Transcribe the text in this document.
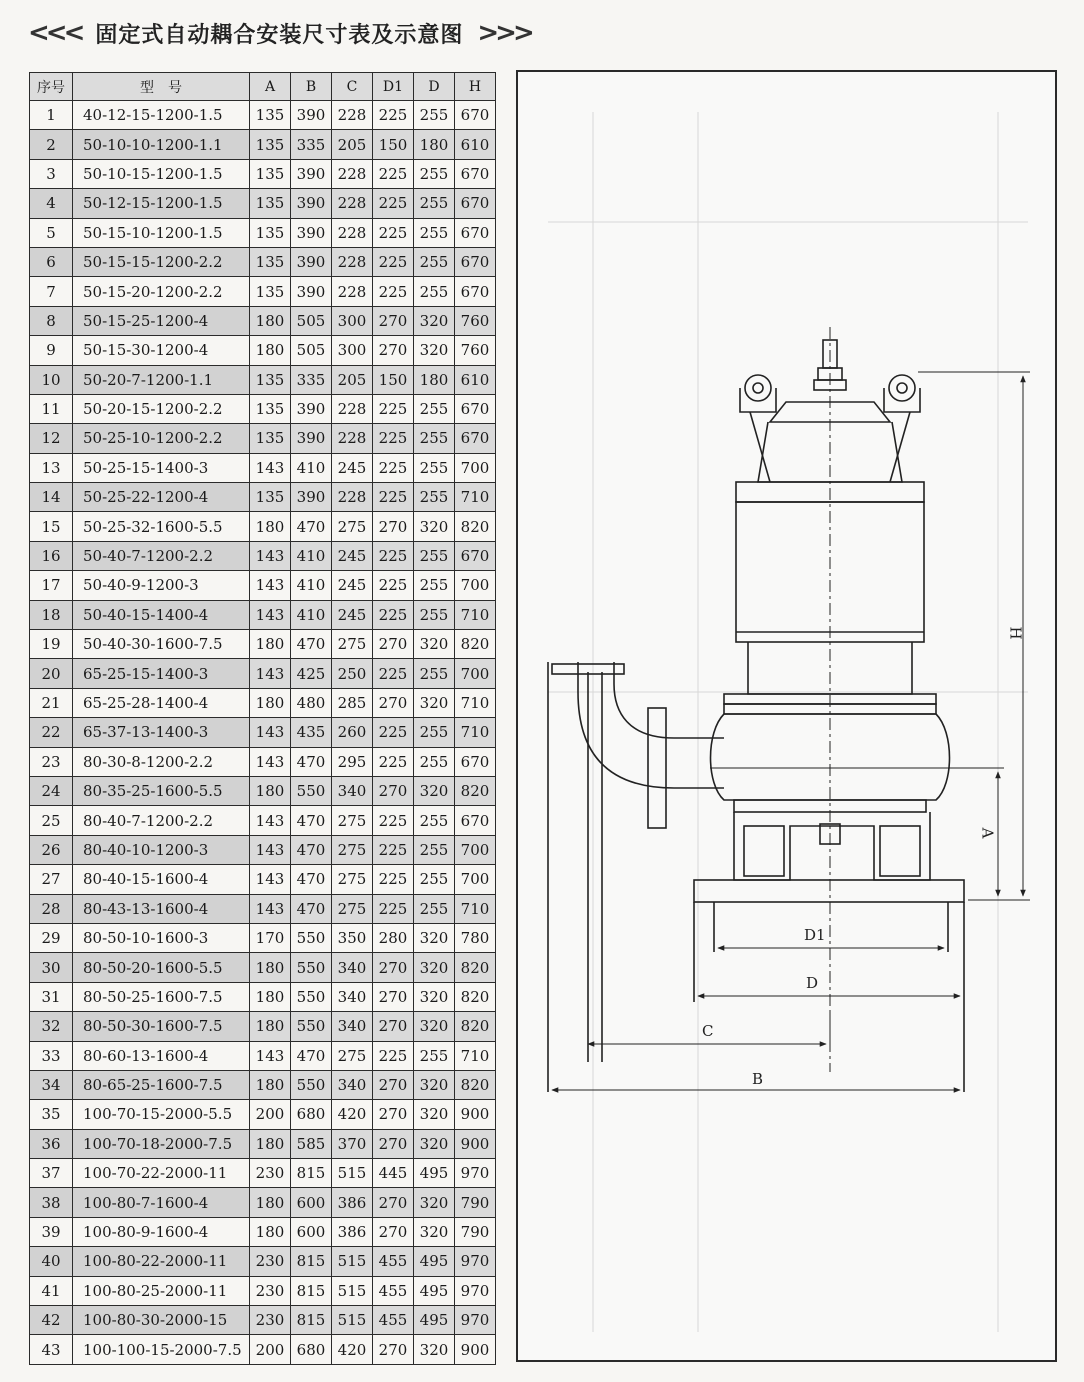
<<< 固定式自动耦合安装尺寸表及示意图 >>>
序号	型　号	A	B	C	D1	D	H
1	40-12-15-1200-1.5	135	390	228	225	255	670
2	50-10-10-1200-1.1	135	335	205	150	180	610
3	50-10-15-1200-1.5	135	390	228	225	255	670
4	50-12-15-1200-1.5	135	390	228	225	255	670
5	50-15-10-1200-1.5	135	390	228	225	255	670
6	50-15-15-1200-2.2	135	390	228	225	255	670
7	50-15-20-1200-2.2	135	390	228	225	255	670
8	50-15-25-1200-4	180	505	300	270	320	760
9	50-15-30-1200-4	180	505	300	270	320	760
10	50-20-7-1200-1.1	135	335	205	150	180	610
11	50-20-15-1200-2.2	135	390	228	225	255	670
12	50-25-10-1200-2.2	135	390	228	225	255	670
13	50-25-15-1400-3	143	410	245	225	255	700
14	50-25-22-1200-4	135	390	228	225	255	710
15	50-25-32-1600-5.5	180	470	275	270	320	820
16	50-40-7-1200-2.2	143	410	245	225	255	670
17	50-40-9-1200-3	143	410	245	225	255	700
18	50-40-15-1400-4	143	410	245	225	255	710
19	50-40-30-1600-7.5	180	470	275	270	320	820
20	65-25-15-1400-3	143	425	250	225	255	700
21	65-25-28-1400-4	180	480	285	270	320	710
22	65-37-13-1400-3	143	435	260	225	255	710
23	80-30-8-1200-2.2	143	470	295	225	255	670
24	80-35-25-1600-5.5	180	550	340	270	320	820
25	80-40-7-1200-2.2	143	470	275	225	255	670
26	80-40-10-1200-3	143	470	275	225	255	700
27	80-40-15-1600-4	143	470	275	225	255	700
28	80-43-13-1600-4	143	470	275	225	255	710
29	80-50-10-1600-3	170	550	350	280	320	780
30	80-50-20-1600-5.5	180	550	340	270	320	820
31	80-50-25-1600-7.5	180	550	340	270	320	820
32	80-50-30-1600-7.5	180	550	340	270	320	820
33	80-60-13-1600-4	143	470	275	225	255	710
34	80-65-25-1600-7.5	180	550	340	270	320	820
35	100-70-15-2000-5.5	200	680	420	270	320	900
36	100-70-18-2000-7.5	180	585	370	270	320	900
37	100-70-22-2000-11	230	815	515	445	495	970
38	100-80-7-1600-4	180	600	386	270	320	790
39	100-80-9-1600-4	180	600	386	270	320	790
40	100-80-22-2000-11	230	815	515	455	495	970
41	100-80-25-2000-11	230	815	515	455	495	970
42	100-80-30-2000-15	230	815	515	455	495	970
43	100-100-15-2000-7.5	200	680	420	270	320	900
H
A
D1
D
C
B
